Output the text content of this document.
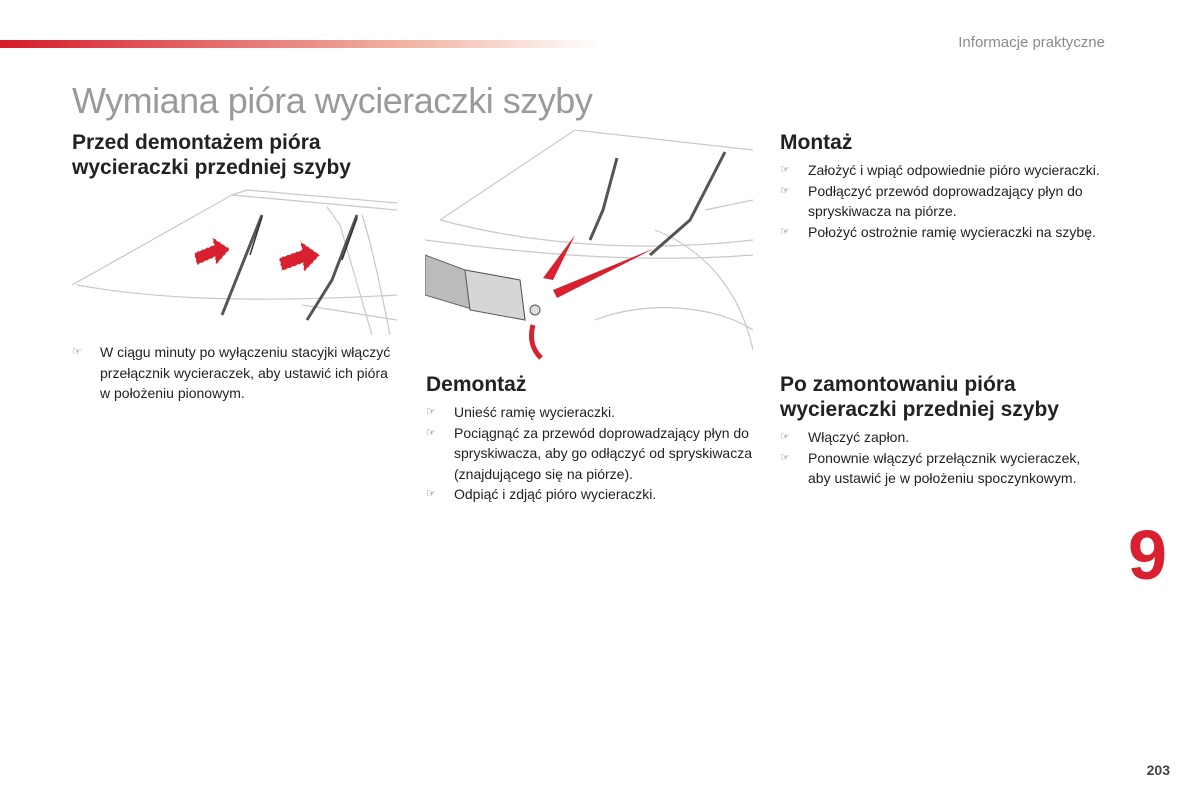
Informacje praktyczne
Wymiana pióra wycieraczki szyby
Przed demontażem pióra wycieraczki przedniej szyby
☞ W ciągu minuty po wyłączeniu stacyjki włączyć przełącznik wycieraczek, aby ustawić ich pióra w położeniu pionowym.	Demontaż
☞ Unieść ramię wycieraczki.
☞ Pociągnąć za przewód doprowadzający płyn do spryskiwacza, aby go odłączyć od spryskiwacza (znajdującego się na piórze).
☞ Odpiąć i zdjąć pióro wycieraczki.
Montaż
☞ Założyć i wpiąć odpowiednie pióro wycieraczki.
☞ Podłączyć przewód doprowadzający płyn do spryskiwacza na piórze.
☞ Położyć ostrożnie ramię wycieraczki na szybę.
Po zamontowaniu pióra wycieraczki przedniej szyby
☞ Włączyć zapłon.
☞ Ponownie włączyć przełącznik wycieraczek, aby ustawić je w położeniu spoczynkowym.
9
203
